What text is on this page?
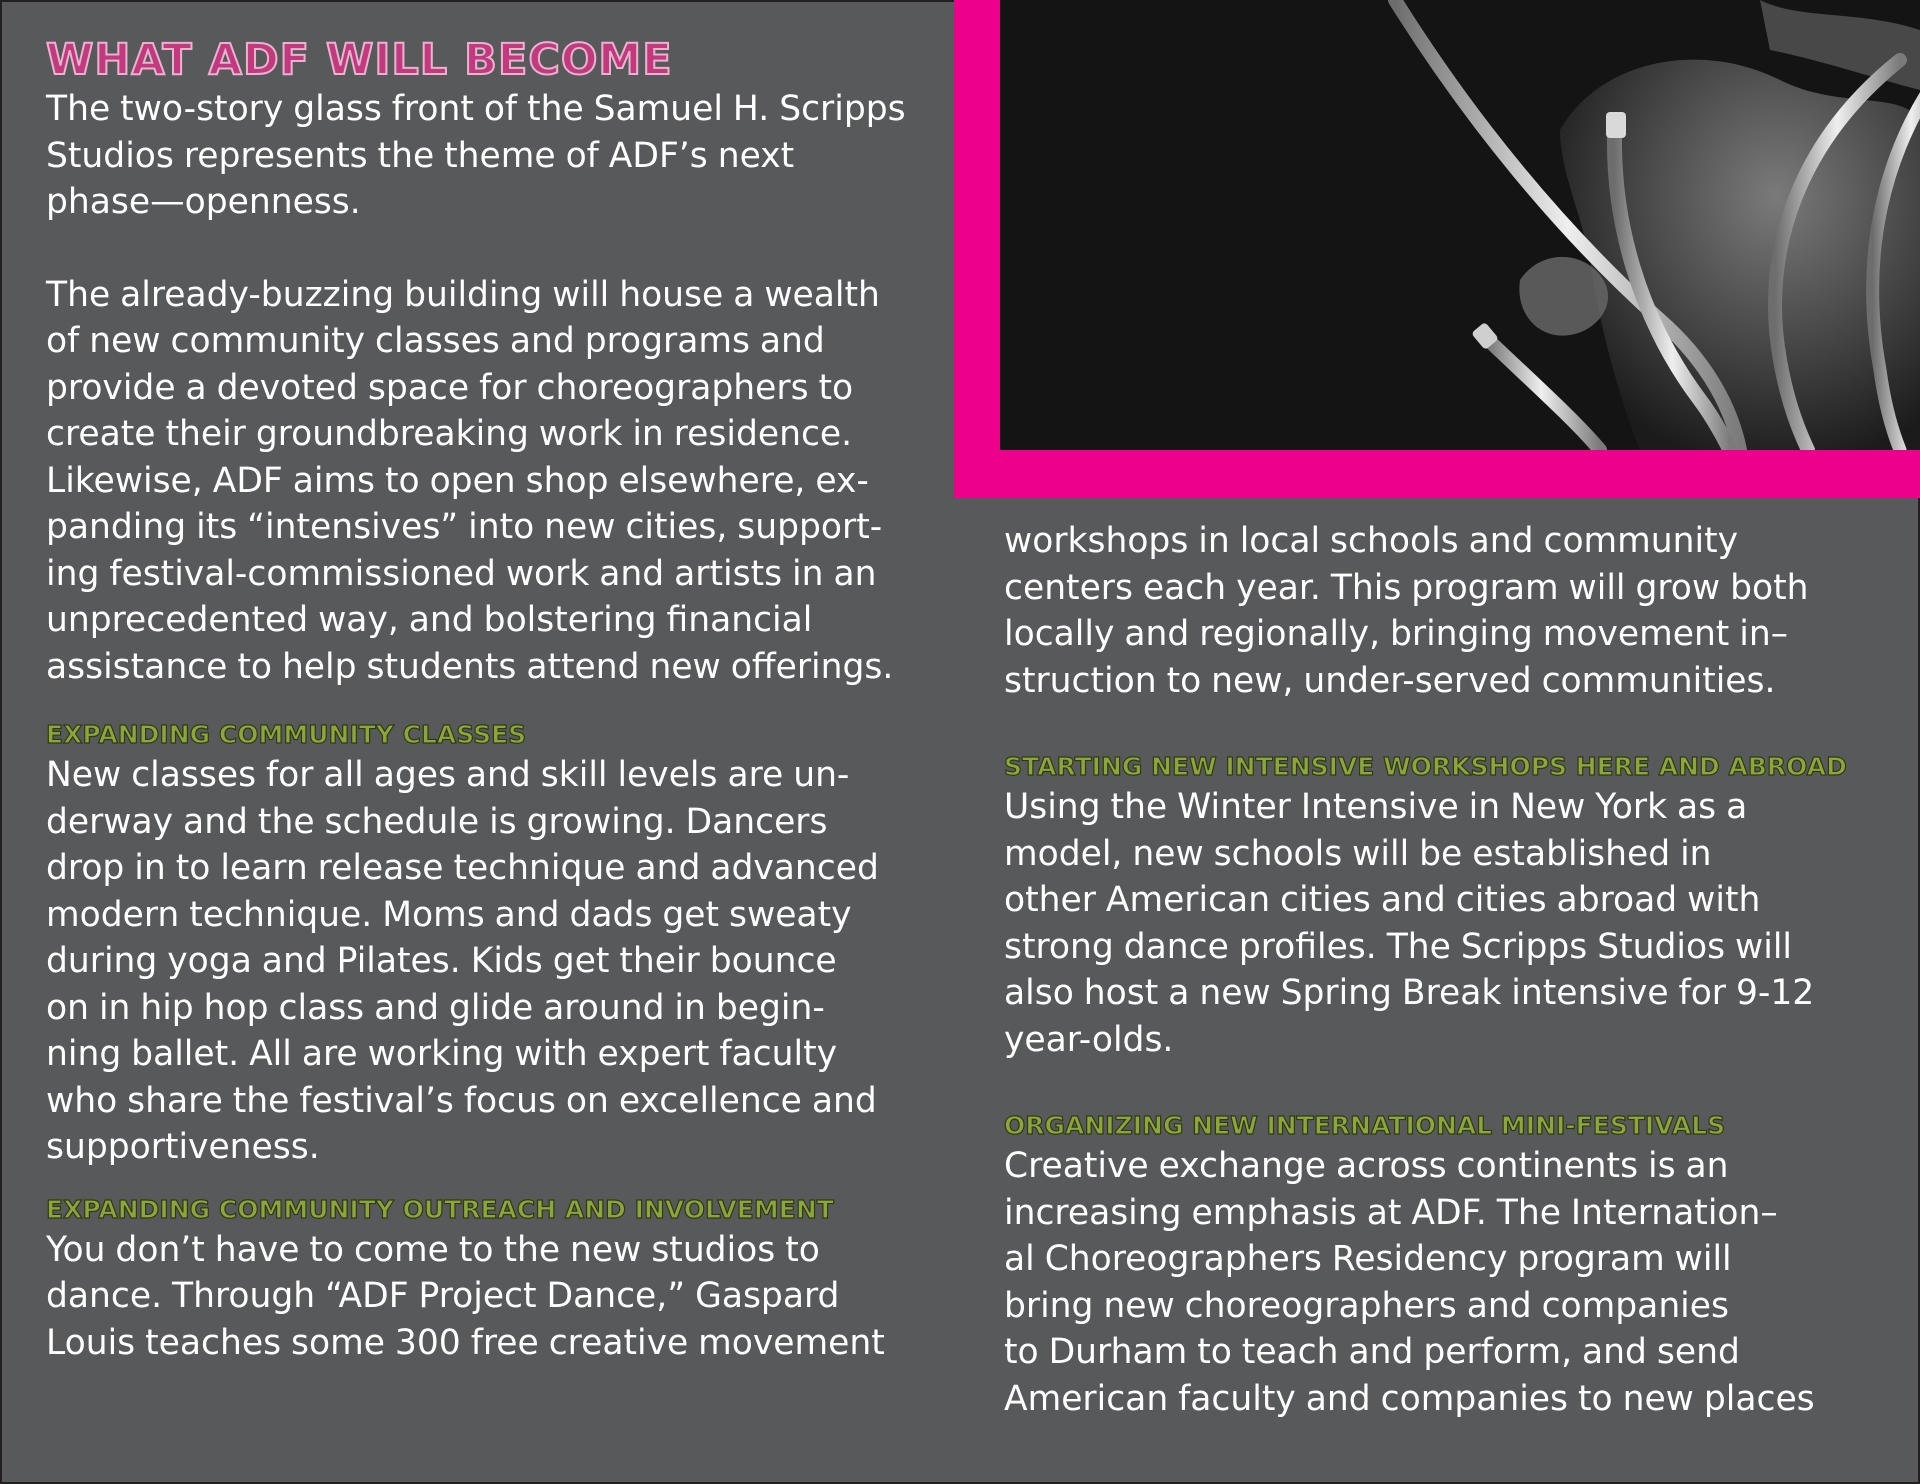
WHAT ADF WILL BECOME

The two-story glass front of the Samuel H. Scripps
Studios represents the theme of ADF’s next
phase—openness.

The already-buzzing building will house a wealth
of new community classes and programs and
provide a devoted space for choreographers to
create their groundbreaking work in residence.
Likewise, ADF aims to open shop elsewhere, ex-
panding its “intensives” into new cities, support-
ing festival-commissioned work and artists in an
unprecedented way, and bolstering financial
assistance to help students attend new offerings.

EXPANDING COMMUNITY CLASSES

New classes for all ages and skill levels are un-
derway and the schedule is growing. Dancers
drop in to learn release technique and advanced
modern technique. Moms and dads get sweaty
during yoga and Pilates. Kids get their bounce
on in hip hop class and glide around in begin-
ning ballet. All are working with expert faculty
who share the festival’s focus on excellence and
supportiveness.

EXPANDING COMMUNITY OUTREACH AND INVOLVEMENT

You don’t have to come to the new studios to
dance. Through “ADF Project Dance,” Gaspard
Louis teaches some 300 free creative movement

workshops in local schools and community
centers each year. This program will grow both
locally and regionally, bringing movement in–
struction to new, under-served communities.

STARTING NEW INTENSIVE WORKSHOPS HERE AND ABROAD

Using the Winter Intensive in New York as a
model, new schools will be established in
other American cities and cities abroad with
strong dance profiles. The Scripps Studios will
also host a new Spring Break intensive for 9-12
year-olds.

ORGANIZING NEW INTERNATIONAL MINI-FESTIVALS

Creative exchange across continents is an
increasing emphasis at ADF. The Internation–
al Choreographers Residency program will
bring new choreographers and companies
to Durham to teach and perform, and send
American faculty and companies to new places
